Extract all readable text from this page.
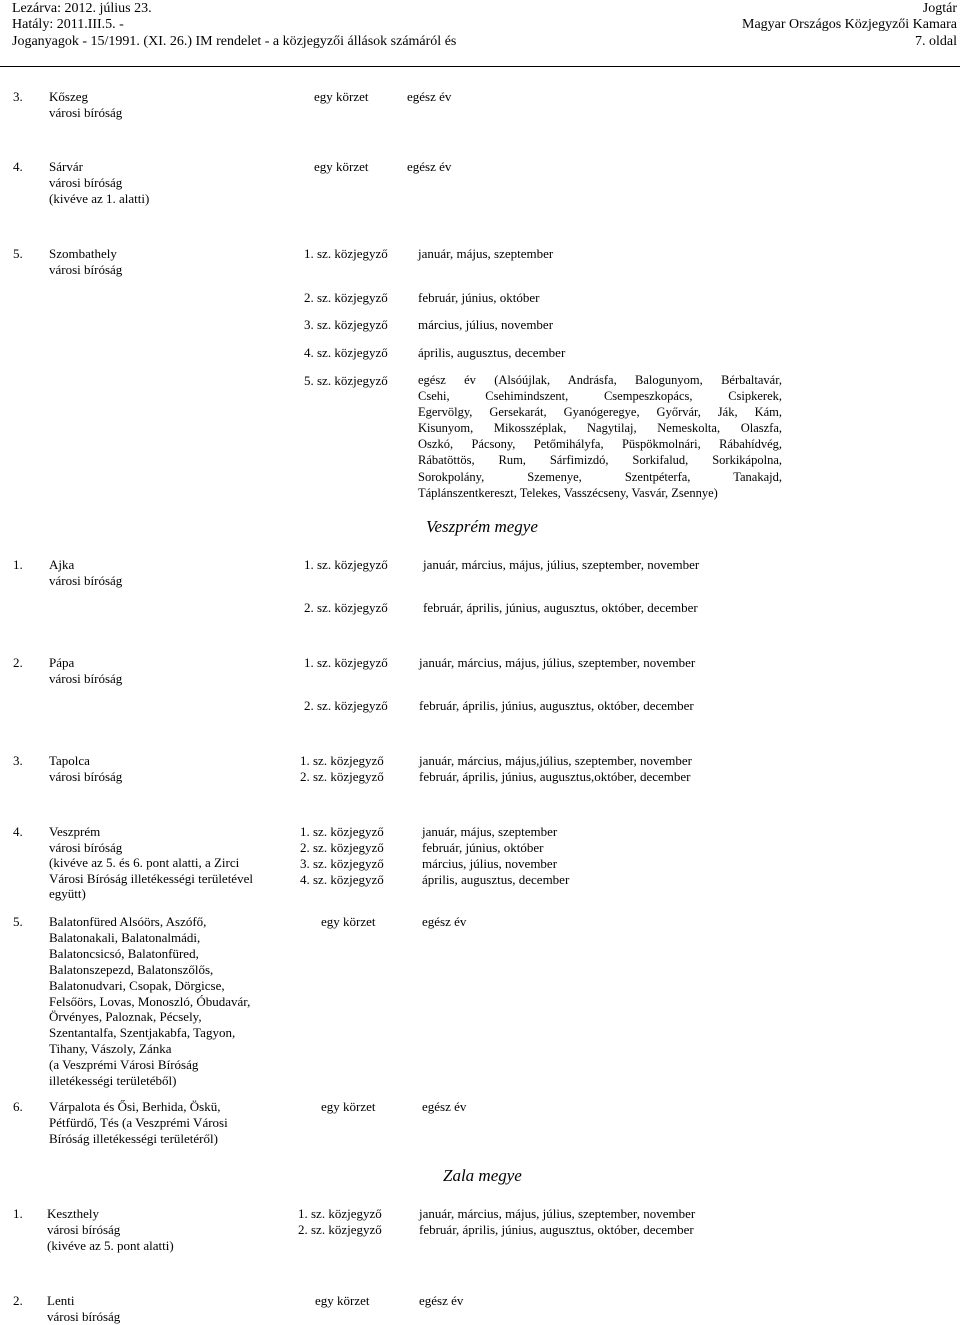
Lezárva: 2012. július 23.
Hatály: 2011.III.5. -
Joganyagok - 15/1991. (XI. 26.) IM rendelet - a közjegyzői állások számáról és
Jogtár
Magyar Országos Közjegyzői Kamara
7. oldal
3. Kőszeg
városi bíróság
egy körzet	egész év
4. Sárvár
városi bíróság
(kivéve az 1. alatti)
egy körzet	egész év
5. Szombathely
városi bíróság
1. sz. közjegyző január, május, szeptember
2. sz. közjegyző február, június, október
3. sz. közjegyző március, július, november
4. sz. közjegyző április, augusztus, december
5. sz. közjegyző egész év (Alsóújlak, Andrásfa, Balogunyom, Bérbaltavár,
Csehi, Csehimindszent, Csempeszkopács, Csipkerek,
Egervölgy, Gersekarát, Gyanógeregye, Győrvár, Ják, Kám,
Kisunyom, Mikosszéplak, Nagytilaj, Nemeskolta, Olaszfa,
Oszkó, Pácsony, Petőmihályfa, Püspökmolnári, Rábahídvég,
Rábatöttös, Rum, Sárfimizdó, Sorkifalud, Sorkikápolna,
Sorokpolány, Szemenye, Szentpéterfa, Tanakajd,
Táplánszentkereszt, Telekes, Vasszécseny, Vasvár, Zsennye)
Veszprém megye
1. Ajka
városi bíróság
1. sz. közjegyző	január, március, május, július, szeptember, november
2. sz. közjegyző	február, április, június, augusztus, október, december
2. Pápa
városi bíróság
1. sz. közjegyző január, március, május, július, szeptember, november
2. sz. közjegyző február, április, június, augusztus, október, december
3. Tapolca
városi bíróság
1. sz. közjegyző	január, március, május,július, szeptember, november
2. sz. közjegyző	február, április, június, augusztus,október, december
4. Veszprém
városi bíróság
(kivéve az 5. és 6. pont alatti, a Zirci
Városi Bíróság illetékességi területével
együtt)
1. sz. közjegyző	január, május, szeptember
2. sz. közjegyző	február, június, október
3. sz. közjegyző	március, július, november
4. sz. közjegyző	április, augusztus, december
5. Balatonfüred Alsóörs, Aszófő,
Balatonakali, Balatonalmádi,
Balatoncsicsó, Balatonfüred,
Balatonszepezd, Balatonszőlős,
Balatonudvari, Csopak, Dörgicse,
Felsőörs, Lovas, Monoszló, Óbudavár,
Örvényes, Paloznak, Pécsely,
Szentantalfa, Szentjakabfa, Tagyon,
Tihany, Vászoly, Zánka
(a Veszprémi Városi Bíróság
illetékességi területéből)
egy körzet	egész év
6. Várpalota és Ősi, Berhida, Öskü,
Pétfürdő, Tés (a Veszprémi Városi
Bíróság illetékességi területéről)
egy körzet	egész év
Zala megye
1. Keszthely
városi bíróság
(kivéve az 5. pont alatti)
1. sz. közjegyző	január, március, május, július, szeptember, november
2. sz. közjegyző	február, április, június, augusztus, október, december
2. Lenti
városi bíróság
egy körzet	egész év
